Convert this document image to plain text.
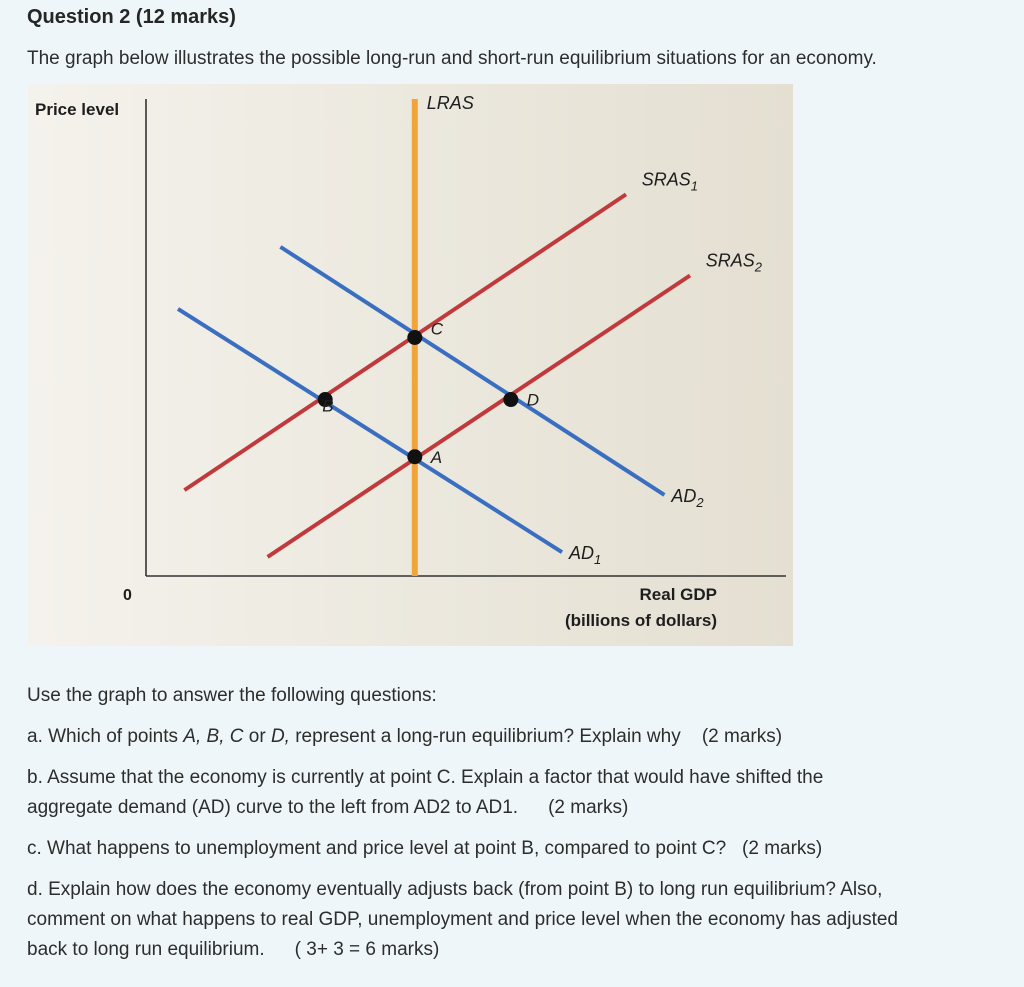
Question 2 (12 marks)
The graph below illustrates the possible long-run and short-run equilibrium situations for an economy.
Price level
0	Real GDP
(billions of dollars)
LRAS
$SRAS_1$
$SRAS_2$
$AD_1$
$AD_2$
A
B
C
D

Use the graph to answer the following questions:

a. Which of points A, B, C or D, represent a long-run equilibrium? Explain why (2 marks)

b. Assume that the economy is currently at point C. Explain a factor that would have shifted the
aggregate demand (AD) curve to the left from AD2 to AD1. (2 marks)

c. What happens to unemployment and price level at point B, compared to point C? (2 marks)

d. Explain how does the economy eventually adjusts back (from point B) to long run equilibrium? Also,
comment on what happens to real GDP, unemployment and price level when the economy has adjusted
back to long run equilibrium. ( 3+ 3 = 6 marks)
